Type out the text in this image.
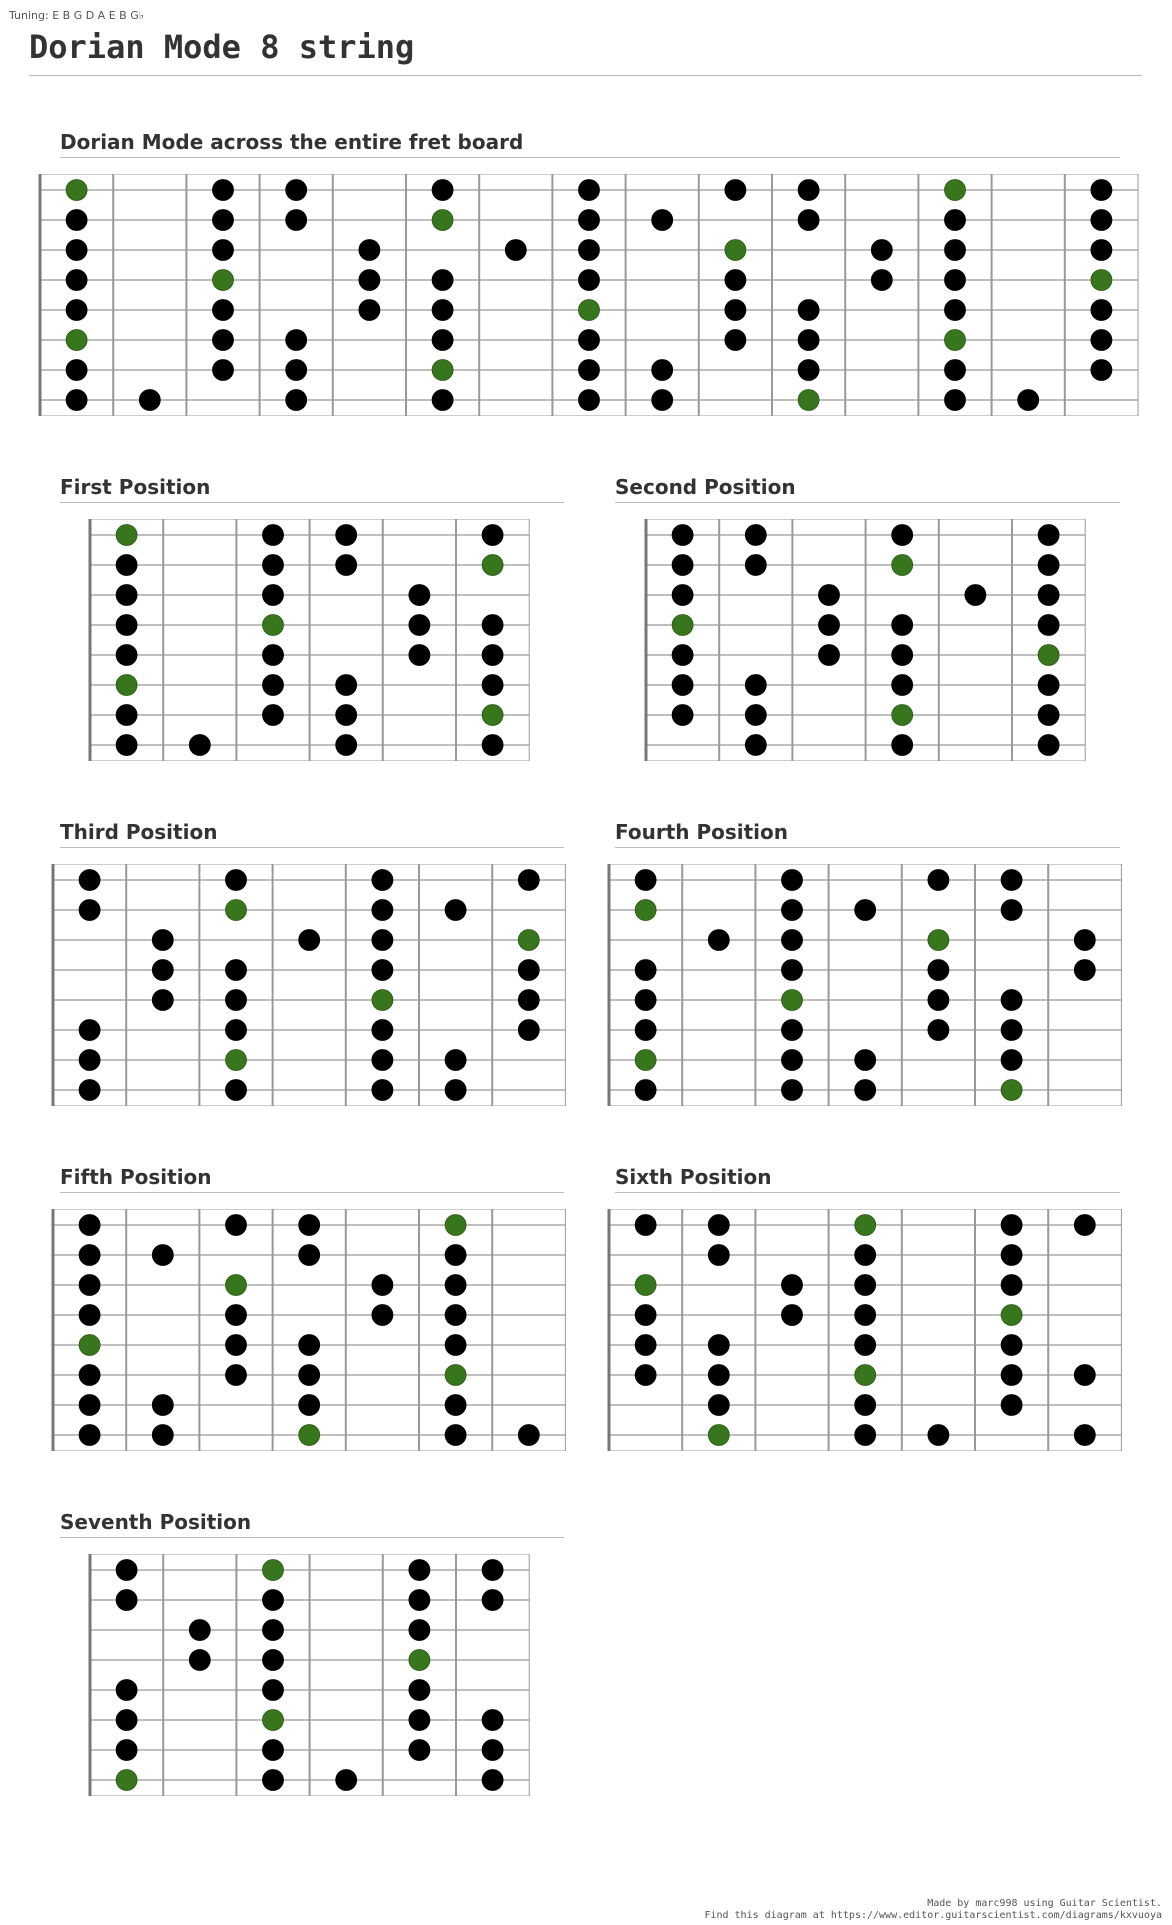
Tuning: E B G D A E B G♭
Dorian Mode 8 string
Dorian Mode across the entire fret board
First Position	Second Position
Third Position	Fourth Position
Fifth Position	Sixth Position
Seventh Position
Made by marc998 using Guitar Scientist.
Find this diagram at https://www.editor.guitarscientist.com/diagrams/kxvuoya
